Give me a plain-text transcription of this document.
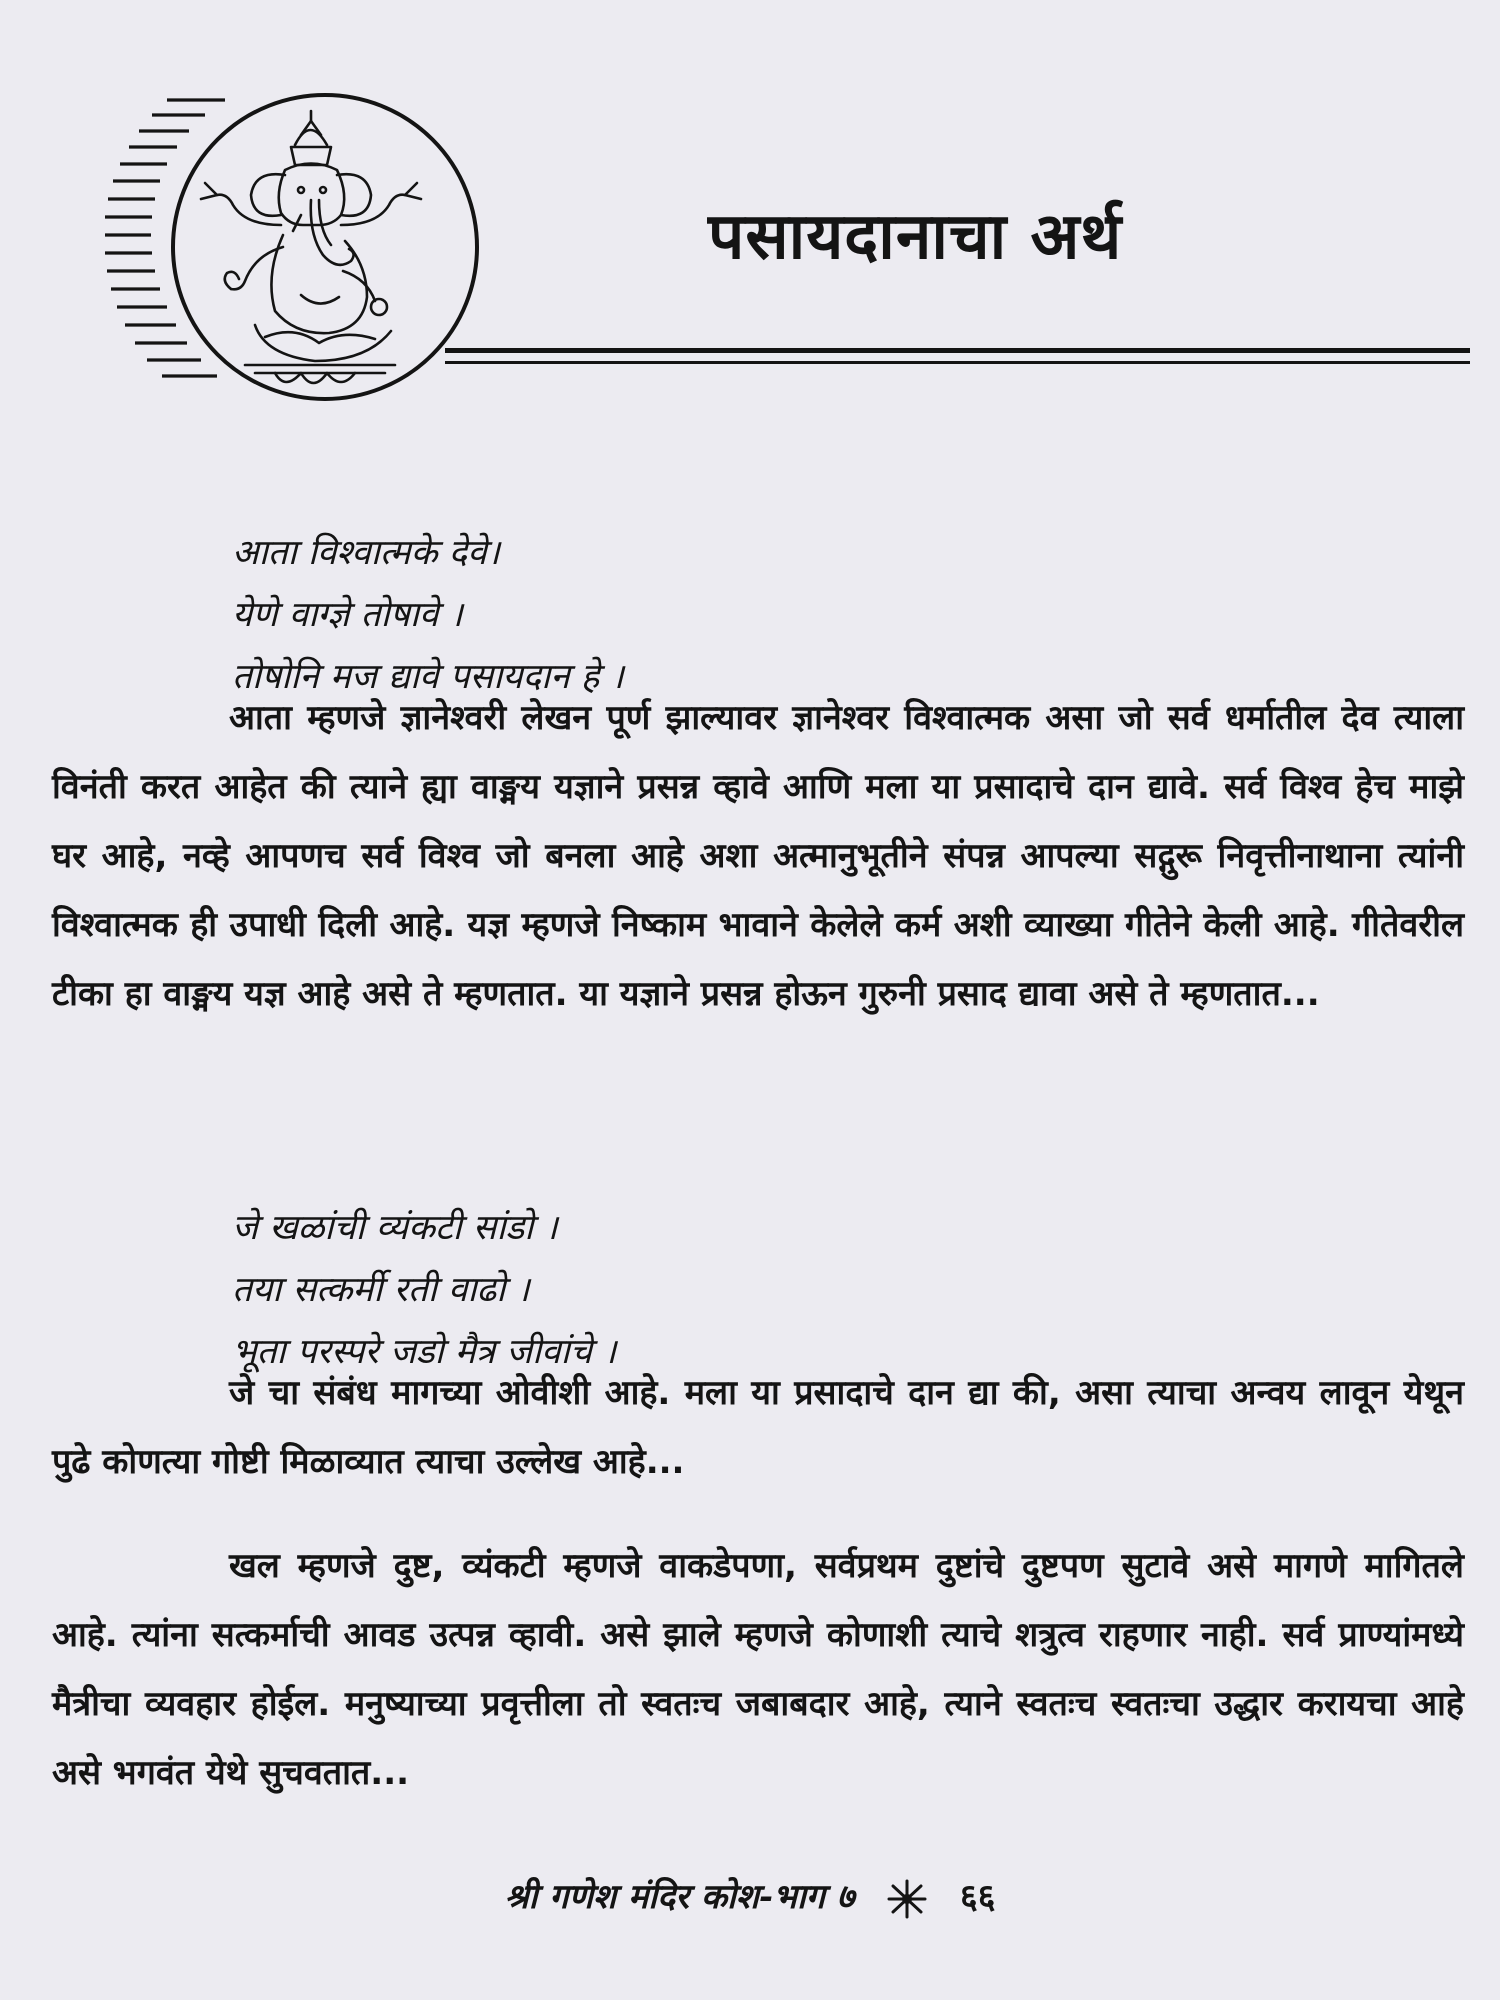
पसायदानाचा अर्थ
आता विश्वात्मके देवे।
येणे वाग्ज्ञे तोषावे ।
तोषोनि मज द्यावे पसायदान हे ।
आता म्हणजे ज्ञानेश्वरी लेखन पूर्ण झाल्यावर ज्ञानेश्वर विश्वात्मक असा जो सर्व धर्मातील देव त्याला विनंती करत आहेत की त्याने ह्या वाङ्मय यज्ञाने प्रसन्न व्हावे आणि मला या प्रसादाचे दान द्यावे. सर्व विश्व हेच माझे घर आहे, नव्हे आपणच सर्व विश्व जो बनला आहे अशा अत्मानुभूतीने संपन्न आपल्या सद्गुरू निवृत्तीनाथाना त्यांनी विश्वात्मक ही उपाधी दिली आहे. यज्ञ म्हणजे निष्काम भावाने केलेले कर्म अशी व्याख्या गीतेने केली आहे. गीतेवरील टीका हा वाङ्मय यज्ञ आहे असे ते म्हणतात. या यज्ञाने प्रसन्न होऊन गुरुनी प्रसाद द्यावा असे ते म्हणतात...
जे खळांची व्यंकटी सांडो ।
तया सत्कर्मी रती वाढो ।
भूता परस्परे जडो मैत्र जीवांचे ।
जे चा संबंध मागच्या ओवीशी आहे. मला या प्रसादाचे दान द्या की, असा त्याचा अन्वय लावून येथून पुढे कोणत्या गोष्टी मिळाव्यात त्याचा उल्लेख आहे...
खल म्हणजे दुष्ट, व्यंकटी म्हणजे वाकडेपणा, सर्वप्रथम दुष्टांचे दुष्टपण सुटावे असे मागणे मागितले आहे. त्यांना सत्कर्माची आवड उत्पन्न व्हावी. असे झाले म्हणजे कोणाशी त्याचे शत्रुत्व राहणार नाही. सर्व प्राण्यांमध्ये मैत्रीचा व्यवहार होईल. मनुष्याच्या प्रवृत्तीला तो स्वतःच जबाबदार आहे, त्याने स्वतःच स्वतःचा उद्धार करायचा आहे असे भगवंत येथे सुचवतात...
श्री गणेश मंदिर कोश-भाग ७	६६
